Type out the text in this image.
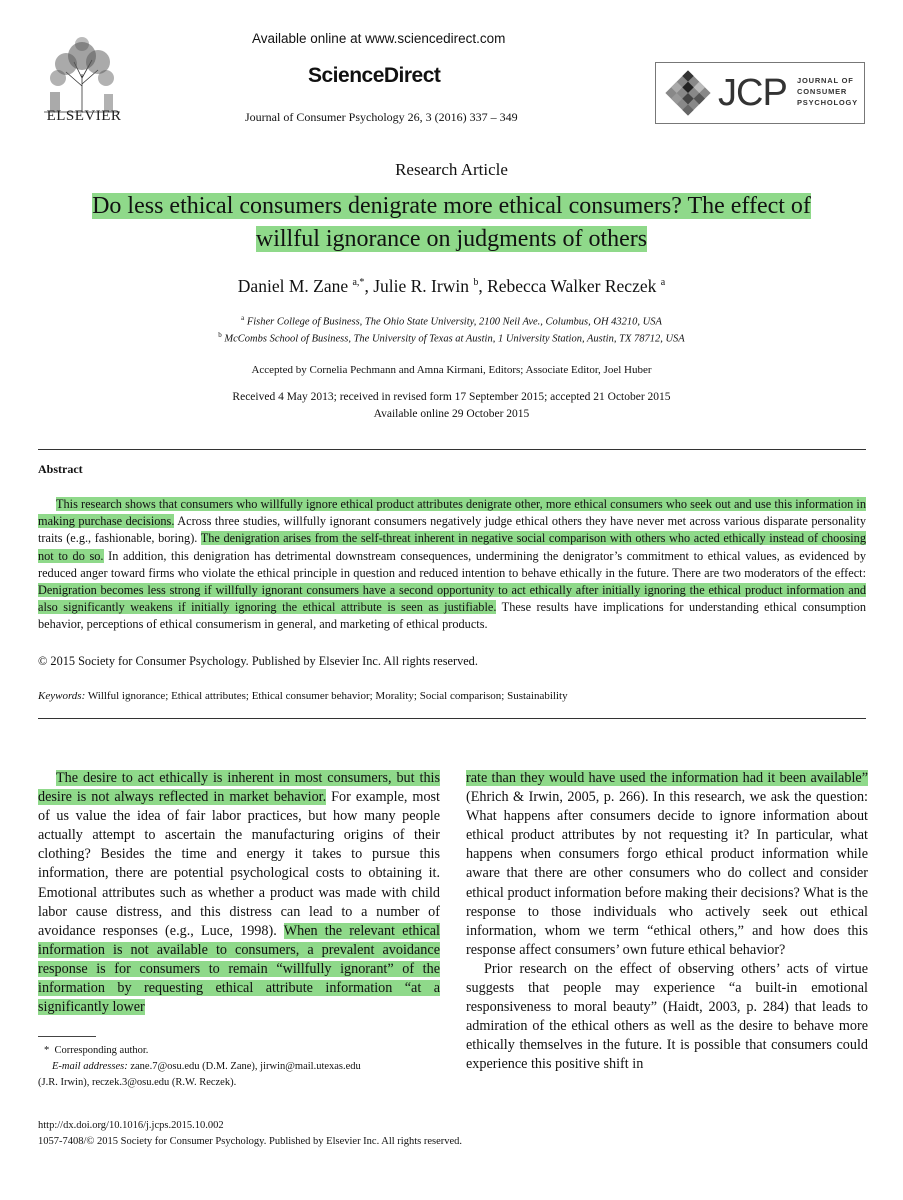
ELSEVIER
Available online at www.sciencedirect.com
ScienceDirect
Journal of Consumer Psychology 26, 3 (2016) 337 – 349
JCP JOURNAL OF
CONSUMER
PSYCHOLOGY
Research Article
Do less ethical consumers denigrate more ethical consumers? The effect of
willful ignorance on judgments of others
Daniel M. Zane $^{a,*}$, Julie R. Irwin $^b$, Rebecca Walker Reczek $^a$
$^a$ Fisher College of Business, The Ohio State University, 2100 Neil Ave., Columbus, OH 43210, USA
$^b$ McCombs School of Business, The University of Texas at Austin, 1 University Station, Austin, TX 78712, USA
Accepted by Cornelia Pechmann and Amna Kirmani, Editors; Associate Editor, Joel Huber
Received 4 May 2013; received in revised form 17 September 2015; accepted 21 October 2015
Available online 29 October 2015
Abstract
This research shows that consumers who willfully ignore ethical product attributes denigrate other, more ethical consumers who seek out and use this information in making purchase decisions. Across three studies, willfully ignorant consumers negatively judge ethical others they have never met across various disparate personality traits (e.g., fashionable, boring). The denigration arises from the self-threat inherent in negative social comparison with others who acted ethically instead of choosing not to do so. In addition, this denigration has detrimental downstream consequences, undermining the denigrator’s commitment to ethical values, as evidenced by reduced anger toward firms who violate the ethical principle in question and reduced intention to behave ethically in the future. There are two moderators of the effect: Denigration becomes less strong if willfully ignorant consumers have a second opportunity to act ethically after initially ignoring the ethical product information and also significantly weakens if initially ignoring the ethical attribute is seen as justifiable. These results have implications for understanding ethical consumption behavior, perceptions of ethical consumerism in general, and marketing of ethical products.
© 2015 Society for Consumer Psychology. Published by Elsevier Inc. All rights reserved.
Keywords: Willful ignorance; Ethical attributes; Ethical consumer behavior; Morality; Social comparison; Sustainability
The desire to act ethically is inherent in most consumers, but this desire is not always reflected in market behavior. For example, most of us value the idea of fair labor practices, but how many people actually attempt to ascertain the manufacturing origins of their clothing? Besides the time and energy it takes to pursue this information, there are potential psychological costs to obtaining it. Emotional attributes such as whether a product was made with child labor cause distress, and this distress can lead to a number of avoidance responses (e.g., Luce, 1998). When the relevant ethical information is not available to consumers, a prevalent avoidance response is for consumers to remain “willfully ignorant” of the information by requesting ethical attribute information “at a significantly lower
rate than they would have used the information had it been available” (Ehrich & Irwin, 2005, p. 266). In this research, we ask the question: What happens after consumers decide to ignore information about ethical product attributes by not requesting it? In particular, what happens when consumers forgo ethical product information while aware that there are other consumers who do collect and consider ethical product information before making their decisions? What is the response to those individuals who actively seek out ethical information, whom we term “ethical others,” and how does this response affect consumers’ own future ethical behavior?
Prior research on the effect of observing others’ acts of virtue suggests that people may experience “a built-in emotional responsiveness to moral beauty” (Haidt, 2003, p. 284) that leads to admiration of the ethical others as well as the desire to behave more ethically themselves in the future. It is possible that consumers could experience this positive shift in
* Corresponding author.
E-mail addresses: zane.7@osu.edu (D.M. Zane), jirwin@mail.utexas.edu
(J.R. Irwin), reczek.3@osu.edu (R.W. Reczek).
http://dx.doi.org/10.1016/j.jcps.2015.10.002
1057-7408/© 2015 Society for Consumer Psychology. Published by Elsevier Inc. All rights reserved.
